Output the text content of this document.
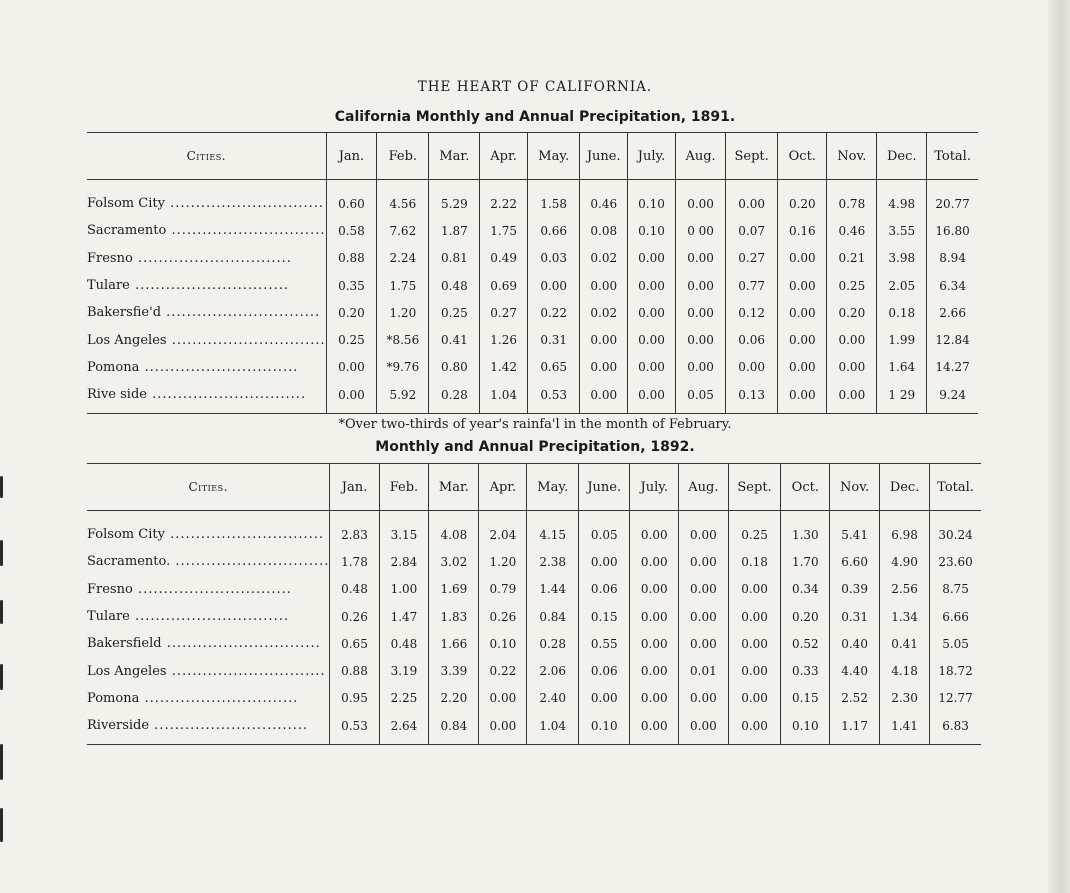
THE HEART OF CALIFORNIA.
California Monthly and Annual Precipitation, 1891.
Cities.	Jan.	Feb.	Mar.	Apr.	May.	June.	July.	Aug.	Sept.	Oct.	Nov.	Dec.	Total.
Folsom City .....	0.60	4.56	5.29	2.22	1.58	0.46	0.10	0.00	0.00	0.20	0.78	4.98	20.77
Sacramento .....	0.58	7.62	1.87	1.75	0.66	0.08	0.10	0 00	0.07	0.16	0.46	3.55	16.80
Fresno .....	0.88	2.24	0.81	0.49	0.03	0.02	0.00	0.00	0.27	0.00	0.21	3.98	8.94
Tulare .....	0.35	1.75	0.48	0.69	0.00	0.00	0.00	0.00	0.77	0.00	0.25	2.05	6.34
Bakersfie'd .....	0.20	1.20	0.25	0.27	0.22	0.02	0.00	0.00	0.12	0.00	0.20	0.18	2.66
Los Angeles .....	0.25	*8.56	0.41	1.26	0.31	0.00	0.00	0.00	0.06	0.00	0.00	1.99	12.84
Pomona .....	0.00	*9.76	0.80	1.42	0.65	0.00	0.00	0.00	0.00	0.00	0.00	1.64	14.27
Rive side .....	0.00	5.92	0.28	1.04	0.53	0.00	0.00	0.05	0.13	0.00	0.00	1 29	9.24
*Over two-thirds of year's rainfa'l in the month of February.
Monthly and Annual Precipitation, 1892.
Cities.	Jan.	Feb.	Mar.	Apr.	May.	June.	July.	Aug.	Sept.	Oct.	Nov.	Dec.	Total.
Folsom City .....	2.83	3.15	4.08	2.04	4.15	0.05	0.00	0.00	0.25	1.30	5.41	6.98	30.24
Sacramento. .....	1.78	2.84	3.02	1.20	2.38	0.00	0.00	0.00	0.18	1.70	6.60	4.90	23.60
Fresno .....	0.48	1.00	1.69	0.79	1.44	0.06	0.00	0.00	0.00	0.34	0.39	2.56	8.75
Tulare .....	0.26	1.47	1.83	0.26	0.84	0.15	0.00	0.00	0.00	0.20	0.31	1.34	6.66
Bakersfield .....	0.65	0.48	1.66	0.10	0.28	0.55	0.00	0.00	0.00	0.52	0.40	0.41	5.05
Los Angeles .....	0.88	3.19	3.39	0.22	2.06	0.06	0.00	0.01	0.00	0.33	4.40	4.18	18.72
Pomona .....	0.95	2.25	2.20	0.00	2.40	0.00	0.00	0.00	0.00	0.15	2.52	2.30	12.77
Riverside .....	0.53	2.64	0.84	0.00	1.04	0.10	0.00	0.00	0.00	0.10	1.17	1.41	6.83
